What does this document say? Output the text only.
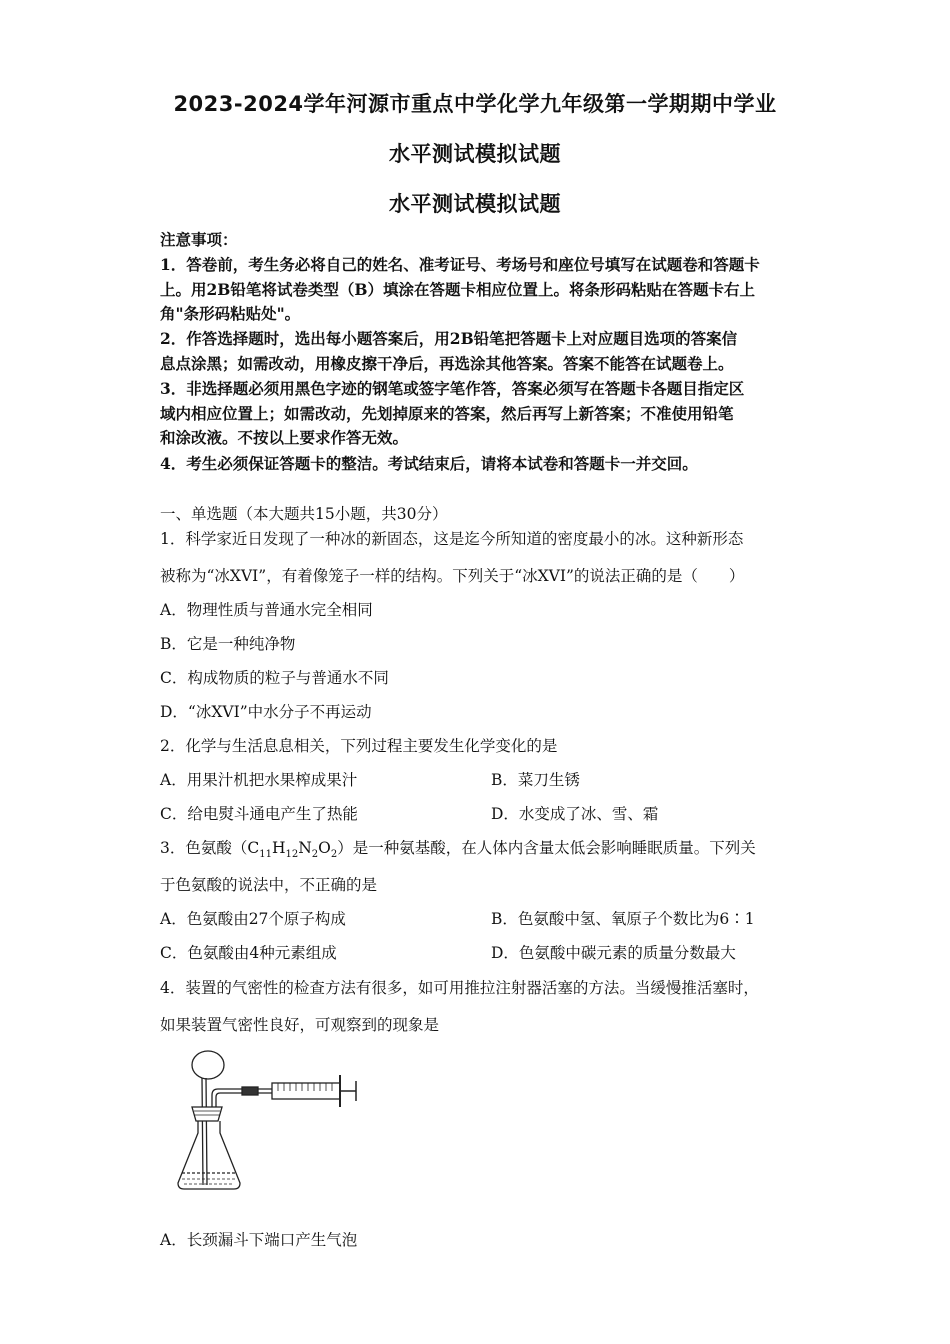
2023-2024学年河源市重点中学化学九年级第一学期期中学业
水平测试模拟试题
水平测试模拟试题
注意事项：
1．答卷前，考生务必将自己的姓名、准考证号、考场号和座位号填写在试题卷和答题卡
上。用2B铅笔将试卷类型（B）填涂在答题卡相应位置上。将条形码粘贴在答题卡右上
角"条形码粘贴处"。
2．作答选择题时，选出每小题答案后，用2B铅笔把答题卡上对应题目选项的答案信
息点涂黑；如需改动，用橡皮擦干净后，再选涂其他答案。答案不能答在试题卷上。
3．非选择题必须用黑色字迹的钢笔或签字笔作答，答案必须写在答题卡各题目指定区
域内相应位置上；如需改动，先划掉原来的答案，然后再写上新答案；不准使用铅笔
和涂改液。不按以上要求作答无效。
4．考生必须保证答题卡的整洁。考试结束后，请将本试卷和答题卡一并交回。
一、单选题（本大题共15小题，共30分）
1．科学家近日发现了一种冰的新固态，这是迄今所知道的密度最小的冰。这种新形态
被称为“冰XVI”，有着像笼子一样的结构。下列关于“冰XVI”的说法正确的是（　　）
A．物理性质与普通水完全相同
B．它是一种纯净物
C．构成物质的粒子与普通水不同
D．“冰XVI”中水分子不再运动
2．化学与生活息息相关，下列过程主要发生化学变化的是
A．用果汁机把水果榨成果汁	B．菜刀生锈
C．给电熨斗通电产生了热能	D．水变成了冰、雪、霜
3．色氨酸$(C_{11}H_{12}N_2O_2)$是一种氨基酸，在人体内含量太低会影响睡眠质量。下列关
于色氨酸的说法中，不正确的是
A．色氨酸由27个原子构成	B．色氨酸中氢、氧原子个数比为6∶1
C．色氨酸由4种元素组成	D．色氨酸中碳元素的质量分数最大
4．装置的气密性的检查方法有很多，如可用推拉注射器活塞的方法。当缓慢推活塞时，
如果装置气密性良好，可观察到的现象是
A．长颈漏斗下端口产生气泡
